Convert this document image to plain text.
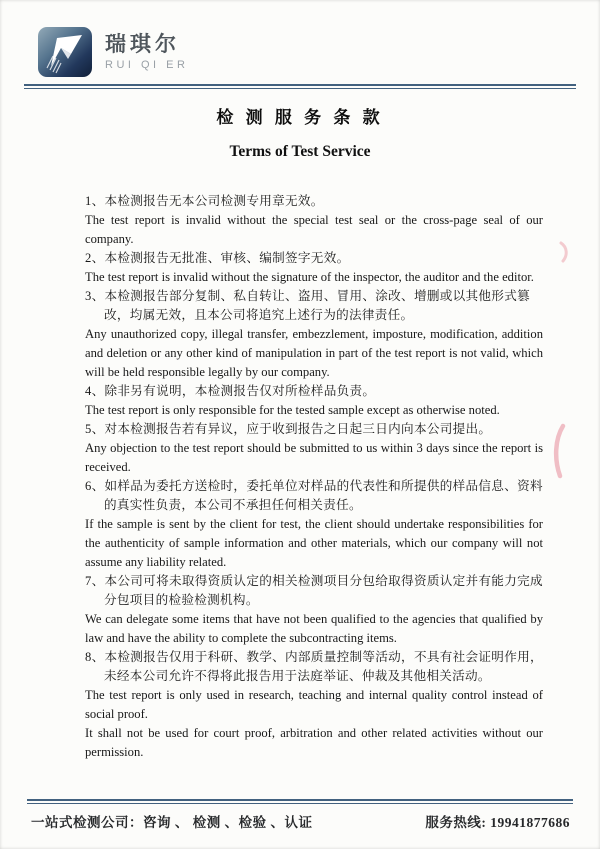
瑞琪尔
RUI QI ER
检 测 服 务 条 款
Terms of Test Service

1、本检测报告无本公司检测专用章无效。

The test report is invalid without the special test seal or the cross-page seal of our company.

2、本检测报告无批准、审核、编制签字无效。

The test report is invalid without the signature of the inspector, the auditor and the editor.

3、本检测报告部分复制、私自转让、盗用、冒用、涂改、增删或以其他形式篡改，均属无效，且本公司将追究上述行为的法律责任。

Any unauthorized copy, illegal transfer, embezzlement, imposture, modification, addition and deletion or any other kind of manipulation in part of the test report is not valid, which will be held responsible legally by our company.

4、除非另有说明，本检测报告仅对所检样品负责。

The test report is only responsible for the tested sample except as otherwise noted.

5、对本检测报告若有异议，应于收到报告之日起三日内向本公司提出。

Any objection to the test report should be submitted to us within 3 days since the report is received.

6、如样品为委托方送检时，委托单位对样品的代表性和所提供的样品信息、资料的真实性负责，本公司不承担任何相关责任。

If the sample is sent by the client for test, the client should undertake responsibilities for the authenticity of sample information and other materials, which our company will not assume any liability related.

7、本公司可将未取得资质认定的相关检测项目分包给取得资质认定并有能力完成分包项目的检验检测机构。

We can delegate some items that have not been qualified to the agencies that qualified by law and have the ability to complete the subcontracting items.

8、本检测报告仅用于科研、教学、内部质量控制等活动，不具有社会证明作用，未经本公司允许不得将此报告用于法庭举证、仲裁及其他相关活动。

The test report is only used in research, teaching and internal quality control instead of social proof.

It shall not be used for court proof, arbitration and other related activities without our permission.

一站式检测公司：咨询 、 检测 、检验 、认证	服务热线: 19941877686
